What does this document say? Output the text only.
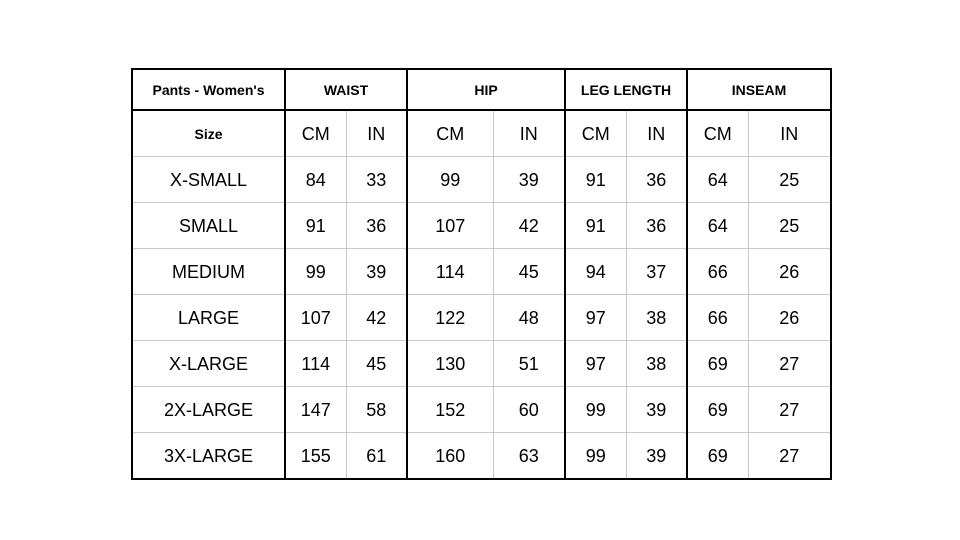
Pants - Women's	WAIST		HIP		LEG LENGTH		INSEAM	
Size	CM	IN	CM	IN	CM	IN	CM	IN
X-SMALL	84	33	99	39	91	36	64	25
SMALL	91	36	107	42	91	36	64	25
MEDIUM	99	39	114	45	94	37	66	26
LARGE	107	42	122	48	97	38	66	26
X-LARGE	114	45	130	51	97	38	69	27
2X-LARGE	147	58	152	60	99	39	69	27
3X-LARGE	155	61	160	63	99	39	69	27
